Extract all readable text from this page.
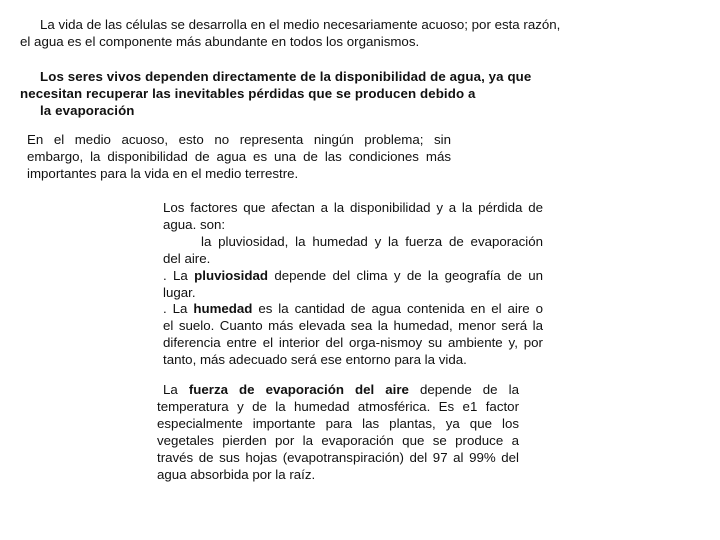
La vida de las células se desarrolla en el medio necesariamente acuoso; por esta razón,
el agua es el componente más abundante en todos los organismos.
Los seres vivos dependen directamente de la disponibilidad de agua, ya que
necesitan recuperar las inevitables pérdidas que se producen debido a
la evaporación
En el medio acuoso, esto no representa ningún problema; sin
embargo, la disponibilidad de agua es una de las condiciones más
importantes para la vida en el medio terrestre.
Los factores que afectan a la disponibilidad y a la pérdida de
agua. son:
la pluviosidad, la humedad y la fuerza de evaporación
del aire.
. La pluviosidad depende del clima y de la geografía de un
lugar.
. La humedad es la cantidad de agua contenida en el aire o
el suelo. Cuanto más elevada sea la humedad, menor será la
diferencia entre el interior del orga-nismoy su ambiente y, por
tanto, más adecuado será ese entorno para la vida.
La fuerza de evaporación del aire depende de la
temperatura y de la humedad atmosférica. Es e1 factor
especialmente importante para las plantas, ya que los
vegetales pierden por la evaporación que se produce a
través de sus hojas (evapotranspiración) del 97 al 99% del
agua absorbida por la raíz.
